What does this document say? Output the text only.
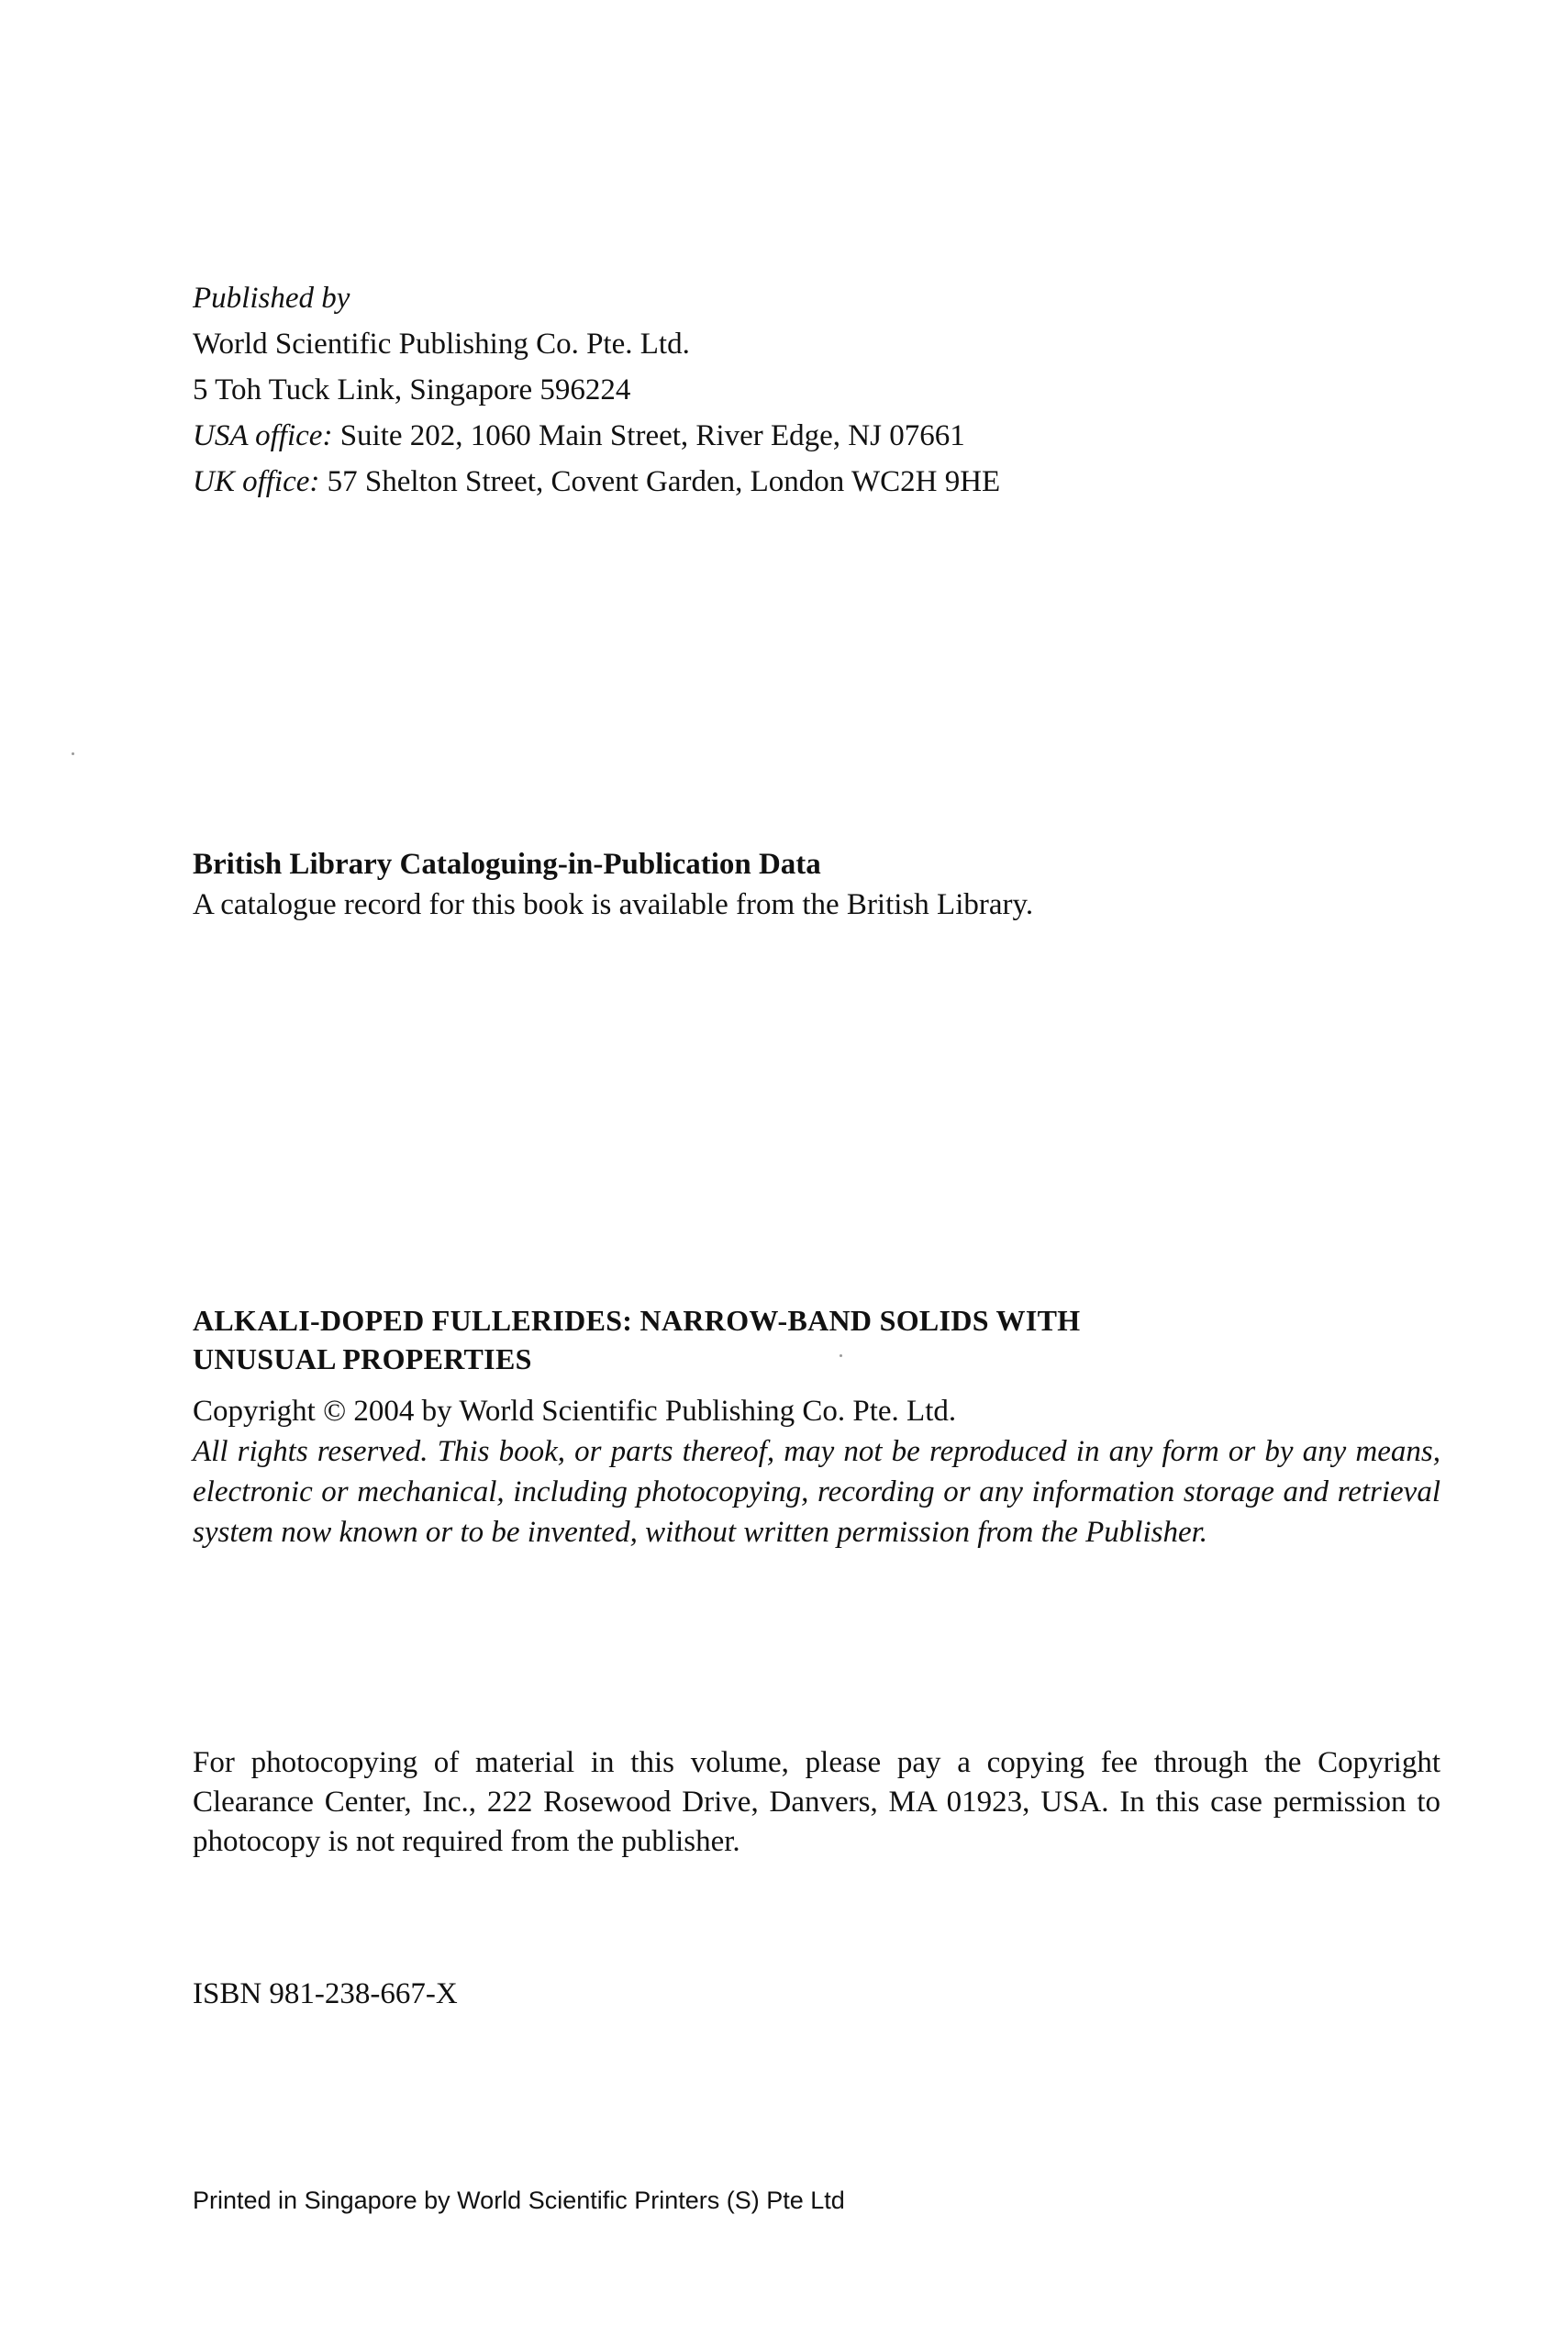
Published by
World Scientific Publishing Co. Pte. Ltd.
5 Toh Tuck Link, Singapore 596224
USA office: Suite 202, 1060 Main Street, River Edge, NJ 07661
UK office: 57 Shelton Street, Covent Garden, London WC2H 9HE
British Library Cataloguing-in-Publication Data
A catalogue record for this book is available from the British Library.
ALKALI-DOPED FULLERIDES: NARROW-BAND SOLIDS WITH
UNUSUAL PROPERTIES
Copyright © 2004 by World Scientific Publishing Co. Pte. Ltd.
All rights reserved. This book, or parts thereof, may not be reproduced in any form or by any means, electronic or mechanical, including photocopying, recording or any information storage and retrieval system now known or to be invented, without written permission from the Publisher.
For photocopying of material in this volume, please pay a copying fee through the Copyright Clearance Center, Inc., 222 Rosewood Drive, Danvers, MA 01923, USA. In this case permission to photocopy is not required from the publisher.
ISBN 981-238-667-X
Printed in Singapore by World Scientific Printers (S) Pte Ltd
